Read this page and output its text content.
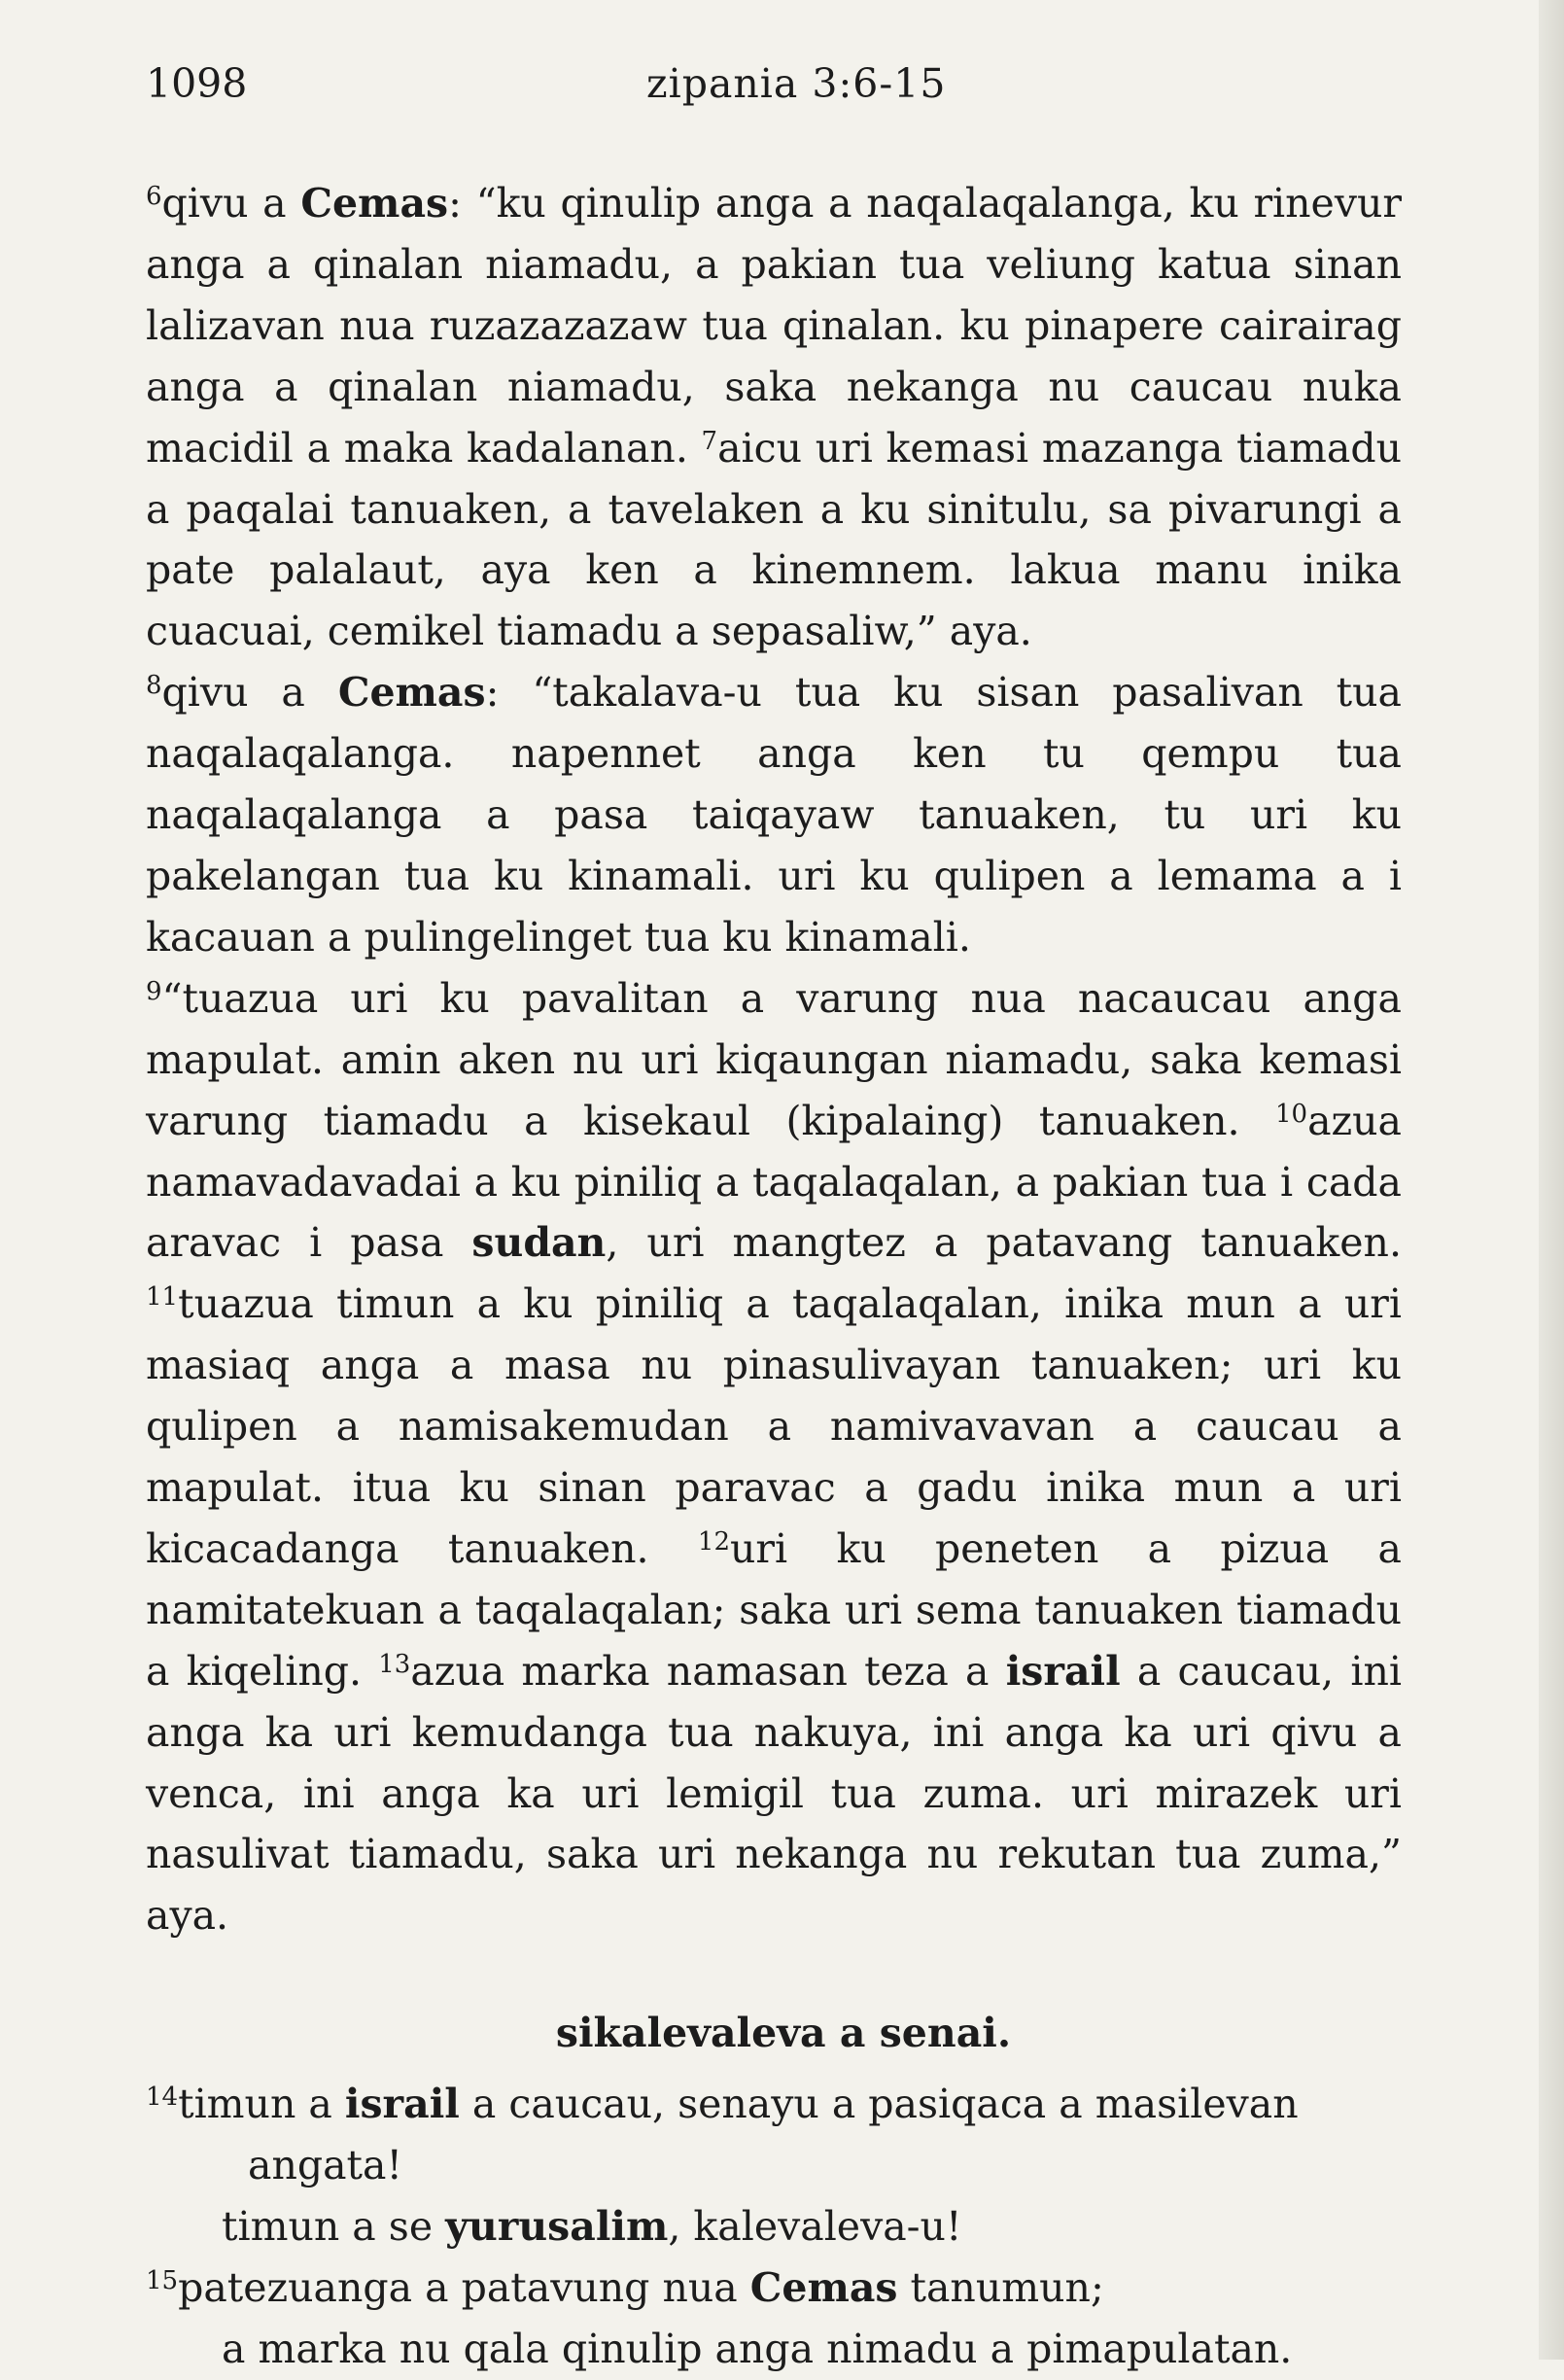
1098	zipania 3:6-15

$^6$qivu a Cemas: “ku qinulip anga a naqalaqalanga, ku rinevur anga a qinalan niamadu, a pakian tua veliung katua sinan lalizavan nua ruzazazazaw tua qinalan. ku pinapere cairairag anga a qinalan niamadu, saka nekanga nu caucau nuka macidil a maka kadalanan. $^7$aicu uri kemasi mazanga tiamadu a paqalai tanuaken, a tavelaken a ku sinitulu, sa pivarungi a pate palalaut, aya ken a kinemnem. lakua manu inika cuacuai, cemikel tiamadu a sepasaliw,” aya.

$^8$qivu a Cemas: “takalava-u tua ku sisan pasalivan tua naqalaqalanga. napennet anga ken tu qempu tua naqalaqalanga a pasa taiqayaw tanuaken, tu uri ku pakelangan tua ku kinamali. uri ku qulipen a lemama a i kacauan a pulingelinget tua ku kinamali.

$^9$“tuazua uri ku pavalitan a varung nua nacaucau anga mapulat. amin aken nu uri kiqaungan niamadu, saka kemasi varung tiamadu a kisekaul (kipalaing) tanuaken. $^{10}$azua namavadavadai a ku piniliq a taqalaqalan, a pakian tua i cada aravac i pasa sudan, uri mangtez a patavang tanuaken. $^{11}$tuazua timun a ku piniliq a taqalaqalan, inika mun a uri masiaq anga a masa nu pinasulivayan tanuaken; uri ku qulipen a namisakemudan a namivavavan a caucau a mapulat. itua ku sinan paravac a gadu inika mun a uri kicacadanga tanuaken. $^{12}$uri ku peneten a pizua a namitatekuan a taqalaqalan; saka uri sema tanuaken tiamadu a kiqeling. $^{13}$azua marka namasan teza a israil a caucau, ini anga ka uri kemudanga tua nakuya, ini anga ka uri qivu a venca, ini anga ka uri lemigil tua zuma. uri mirazek uri nasulivat tiamadu, saka uri nekanga nu rekutan tua zuma,” aya.

sikalevaleva a senai.

$^{14}$timun a israil a caucau, senayu a pasiqaca a masilevan

angata!

timun a se yurusalim, kalevaleva-u!

$^{15}$patezuanga a patavung nua Cemas tanumun;

a marka nu qala qinulip anga nimadu a pimapulatan.
